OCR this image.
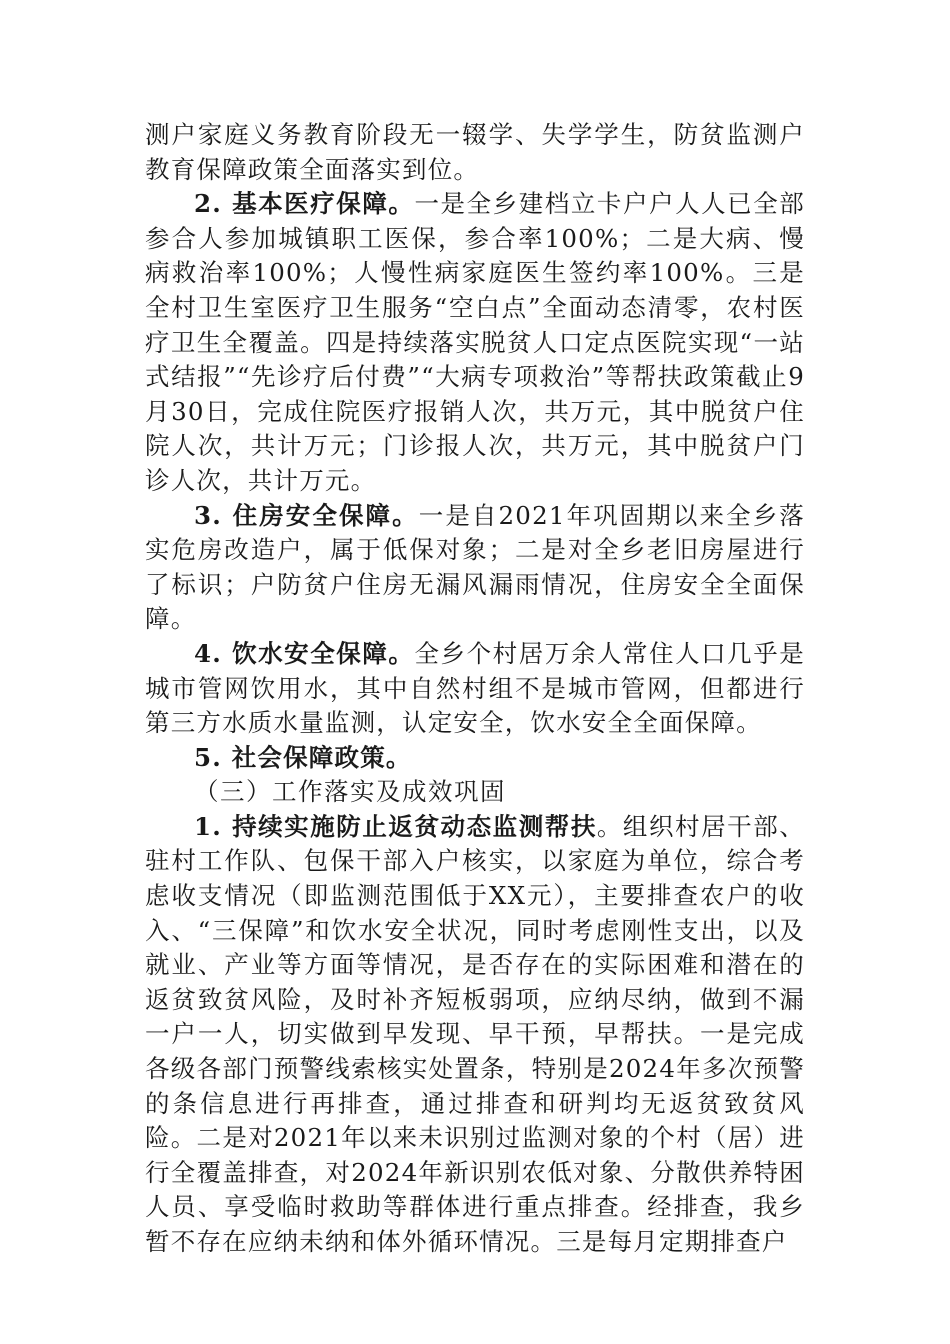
测户家庭义务教育阶段无一辍学、失学学生，防贫监测户教育保障政策全面落实到位。

2. 基本医疗保障。一是全乡建档立卡户户人人已全部参合人参加城镇职工医保，参合率100%；二是大病、慢病救治率100%；人慢性病家庭医生签约率100%。三是全村卫生室医疗卫生服务“空白点”全面动态清零，农村医疗卫生全覆盖。四是持续落实脱贫人口定点医院实现“一站式结报”“先诊疗后付费”“大病专项救治”等帮扶政策截止9月30日，完成住院医疗报销人次，共万元，其中脱贫户住院人次，共计万元；门诊报人次，共万元，其中脱贫户门诊人次，共计万元。

3. 住房安全保障。一是自2021年巩固期以来全乡落实危房改造户，属于低保对象；二是对全乡老旧房屋进行了标识；户防贫户住房无漏风漏雨情况，住房安全全面保障。

4. 饮水安全保障。全乡个村居万余人常住人口几乎是城市管网饮用水，其中自然村组不是城市管网，但都进行第三方水质水量监测，认定安全，饮水安全全面保障。

5. 社会保障政策。

（三）工作落实及成效巩固

1. 持续实施防止返贫动态监测帮扶。组织村居干部、驻村工作队、包保干部入户核实，以家庭为单位，综合考虑收支情况（即监测范围低于XX元），主要排查农户的收入、“三保障”和饮水安全状况，同时考虑刚性支出，以及就业、产业等方面等情况，是否存在的实际困难和潜在的返贫致贫风险，及时补齐短板弱项，应纳尽纳，做到不漏一户一人，切实做到早发现、早干预，早帮扶。一是完成各级各部门预警线索核实处置条，特别是2024年多次预警的条信息进行再排查，通过排查和研判均无返贫致贫风险。二是对2021年以来未识别过监测对象的个村（居）进行全覆盖排查，对2024年新识别农低对象、分散供养特困人员、享受临时救助等群体进行重点排查。经排查，我乡暂不存在应纳未纳和体外循环情况。三是每月定期排查户
